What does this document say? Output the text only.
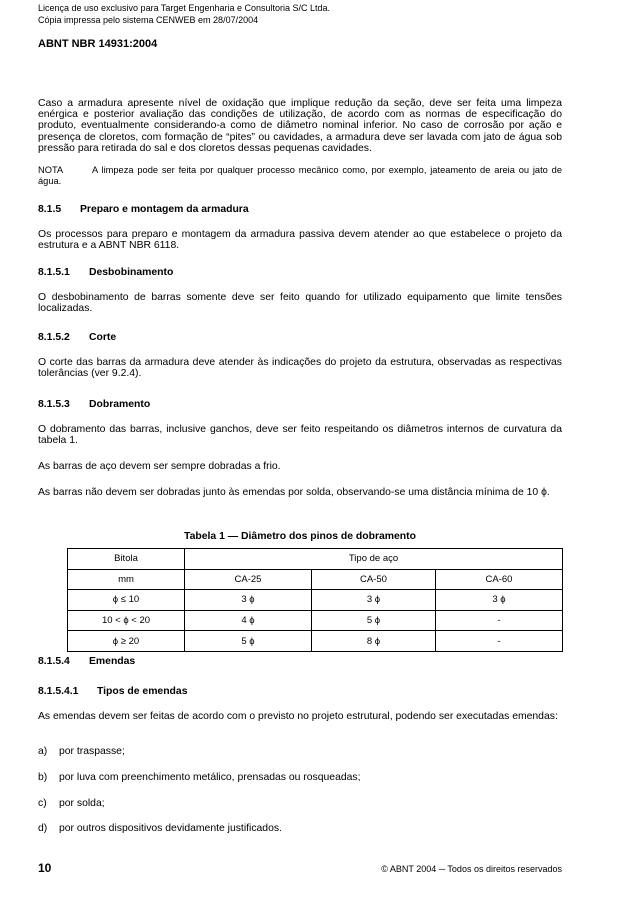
Licença de uso exclusivo para Target Engenharia e Consultoria S/C Ltda.
Cópia impressa pelo sistema CENWEB em 28/07/2004
ABNT NBR 14931:2004
Caso a armadura apresente nível de oxidação que implique redução da seção, deve ser feita uma limpeza enérgica e posterior avaliação das condições de utilização, de acordo com as normas de especificação do produto, eventualmente considerando-a como de diâmetro nominal inferior. No caso de corrosão por ação e presença de cloretos, com formação de “pites” ou cavidades, a armadura deve ser lavada com jato de água sob pressão para retirada do sal e dos cloretos dessas pequenas cavidades.
NOTA	A limpeza pode ser feita por qualquer processo mecânico como, por exemplo, jateamento de areia ou jato de água.
8.1.5 Preparo e montagem da armadura
Os processos para preparo e montagem da armadura passiva devem atender ao que estabelece o projeto da estrutura e a ABNT NBR 6118.
8.1.5.1 Desbobinamento
O desbobinamento de barras somente deve ser feito quando for utilizado equipamento que limite tensões localizadas.
8.1.5.2 Corte
O corte das barras da armadura deve atender às indicações do projeto da estrutura, observadas as respectivas tolerâncias (ver 9.2.4).
8.1.5.3 Dobramento
O dobramento das barras, inclusive ganchos, deve ser feito respeitando os diâmetros internos de curvatura da tabela 1.
As barras de aço devem ser sempre dobradas a frio.
As barras não devem ser dobradas junto às emendas por solda, observando-se uma distância mínima de 10 ϕ.
Tabela 1 — Diâmetro dos pinos de dobramento
Bitola	Tipo de aço		
mm	CA-25	CA-50	CA-60
ϕ ≤ 10	3 ϕ	3 ϕ	3 ϕ
10 < ϕ < 20	4 ϕ	5 ϕ	-
ϕ ≥ 20	5 ϕ	8 ϕ	-
8.1.5.4 Emendas
8.1.5.4.1 Tipos de emendas
As emendas devem ser feitas de acordo com o previsto no projeto estrutural, podendo ser executadas emendas:
a) por traspasse;
b) por luva com preenchimento metálico, prensadas ou rosqueadas;
c) por solda;
d) por outros dispositivos devidamente justificados.
10	© ABNT 2004 ─ Todos os direitos reservados
